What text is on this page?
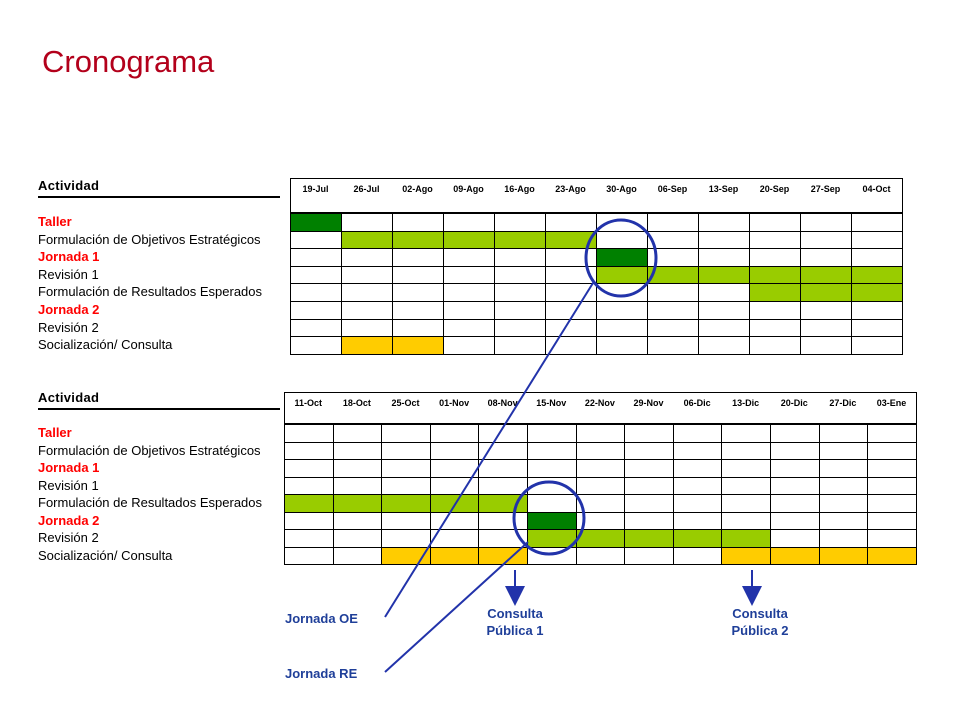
Cronograma
Actividad	19-Jul	26-Jul	02-Ago	09-Ago	16-Ago	23-Ago	30-Ago	06-Sep	13-Sep	20-Sep	27-Sep	04-Oct
Taller
Formulación de Objetivos Estratégicos
Jornada 1
Revisión 1
Formulación de Resultados Esperados
Jornada 2
Revisión 2
Socialización/ Consulta
Actividad	11-Oct	18-Oct	25-Oct	01-Nov	08-Nov	15-Nov	22-Nov	29-Nov	06-Dic	13-Dic	20-Dic	27-Dic	03-Ene
Taller
Formulación de Objetivos Estratégicos
Jornada 1
Revisión 1
Formulación de Resultados Esperados
Jornada 2
Revisión 2
Socialización/ Consulta
Jornada OE
Jornada RE
Consulta
Pública 1
Consulta
Pública 2
